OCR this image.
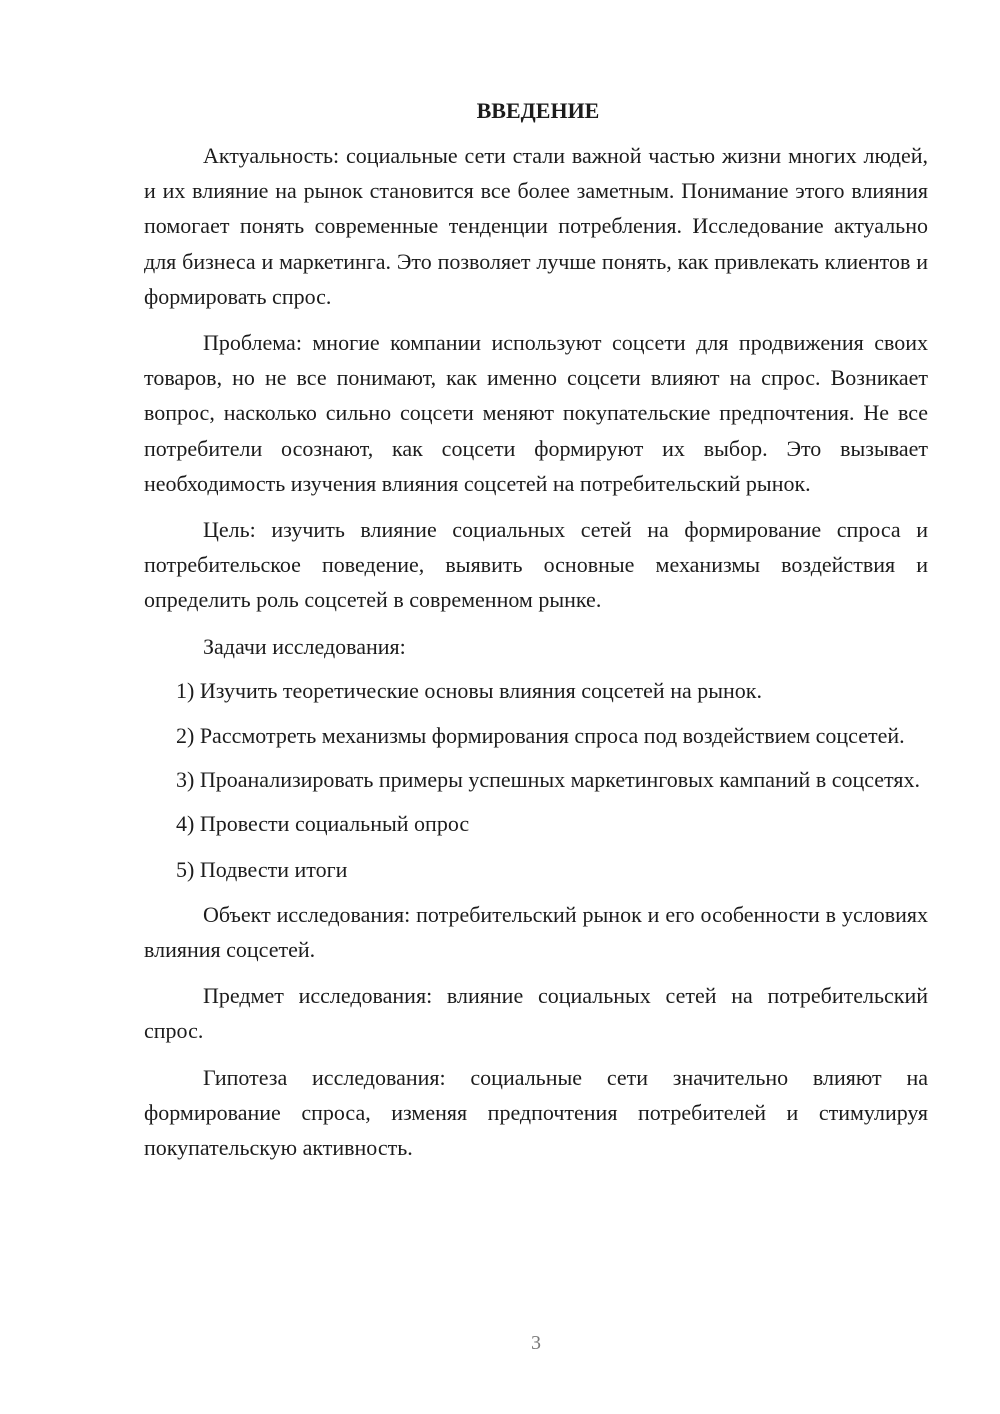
ВВЕДЕНИЕ

Актуальность: социальные сети стали важной частью жизни многих людей, и их влияние на рынок становится все более заметным. Понимание этого влияния помогает понять современные тенденции потребления. Исследование актуально для бизнеса и маркетинга. Это позволяет лучше понять, как привлекать клиентов и формировать спрос.

Проблема: многие компании используют соцсети для продвижения своих товаров, но не все понимают, как именно соцсети влияют на спрос. Возникает вопрос, насколько сильно соцсети меняют покупательские предпочтения. Не все потребители осознают, как соцсети формируют их выбор. Это вызывает необходимость изучения влияния соцсетей на потребительский рынок.

Цель: изучить влияние социальных сетей на формирование спроса и потребительское поведение, выявить основные механизмы воздействия и определить роль соцсетей в современном рынке.

Задачи исследования:

1) Изучить теоретические основы влияния соцсетей на рынок.

2) Рассмотреть механизмы формирования спроса под воздействием соцсетей.

3) Проанализировать примеры успешных маркетинговых кампаний в соцсетях.

4) Провести социальный опрос

5) Подвести итоги

Объект исследования: потребительский рынок и его особенности в условиях влияния соцсетей.

Предмет исследования: влияние социальных сетей на потребительский спрос.

Гипотеза исследования: социальные сети значительно влияют на формирование спроса, изменяя предпочтения потребителей и стимулируя покупательскую активность.

3
